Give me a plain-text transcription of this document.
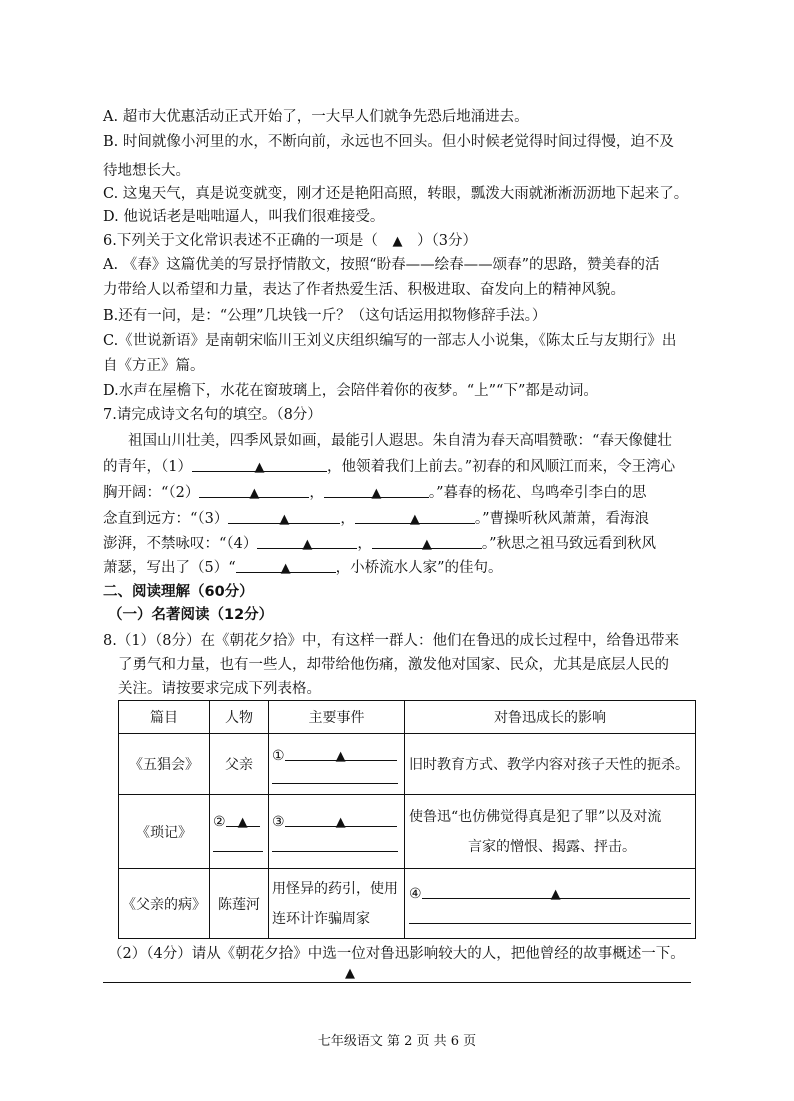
A. 超市大优惠活动正式开始了，一大早人们就争先恐后地涌进去。
B. 时间就像小河里的水，不断向前，永远也不回头。但小时候老觉得时间过得慢，迫不及
待地想长大。
C. 这鬼天气，真是说变就变，刚才还是艳阳高照，转眼，瓢泼大雨就淅淅沥沥地下起来了。
D. 他说话老是咄咄逼人，叫我们很难接受。
6.下列关于文化常识表述不正确的一项是（ ▲ ）（3分）
A. 《春》这篇优美的写景抒情散文，按照“盼春——绘春——颂春”的思路，赞美春的活
力带给人以希望和力量，表达了作者热爱生活、积极进取、奋发向上的精神风貌。
B.还有一问，是：“公理”几块钱一斤？（这句话运用拟物修辞手法。）
C.《世说新语》是南朝宋临川王刘义庆组织编写的一部志人小说集，《陈太丘与友期行》出
自《方正》篇。
D.水声在屋檐下，水花在窗玻璃上，会陪伴着你的夜梦。“上”“下”都是动词。
7.请完成诗文名句的填空。（8分）
祖国山川壮美，四季风景如画，最能引人遐思。朱自清为春天高唱赞歌：“春天像健壮
的青年，（1）	▲	，他领着我们上前去。”初春的和风顺江而来，令王湾心
胸开阔：“（2）	▲	，	▲	。”暮春的杨花、鸟鸣牵引李白的思
念直到远方：“（3）	▲	，	▲	。”曹操听秋风萧萧，看海浪
澎湃，不禁咏叹：“（4）	▲	，	▲	。”秋思之祖马致远看到秋风
萧瑟，写出了（5）“	▲	，小桥流水人家”的佳句。
二、阅读理解（60分）
（一）名著阅读（12分）
8.（1）（8分）在《朝花夕拾》中，有这样一群人：他们在鲁迅的成长过程中，给鲁迅带来
了勇气和力量，也有一些人，却带给他伤痛，激发他对国家、民众，尤其是底层人民的
关注。请按要求完成下列表格。
篇目	人物	主要事件	对鲁迅成长的影响
《五猖会》	父亲	① ▲	旧时教育方式、教学内容对孩子天性的扼杀。
《琐记》	② ▲	③ ▲	使鲁迅“也仿佛觉得真是犯了罪”以及对流
言家的憎恨、揭露、抨击。

《父亲的病》	陈莲河	用怪异的药引，使用
连环计诈骗周家	④ ▲
（2）（4分）请从《朝花夕拾》中选一位对鲁迅影响较大的人，把他曾经的故事概述一下。
▲
七年级语文 第 2 页 共 6 页
